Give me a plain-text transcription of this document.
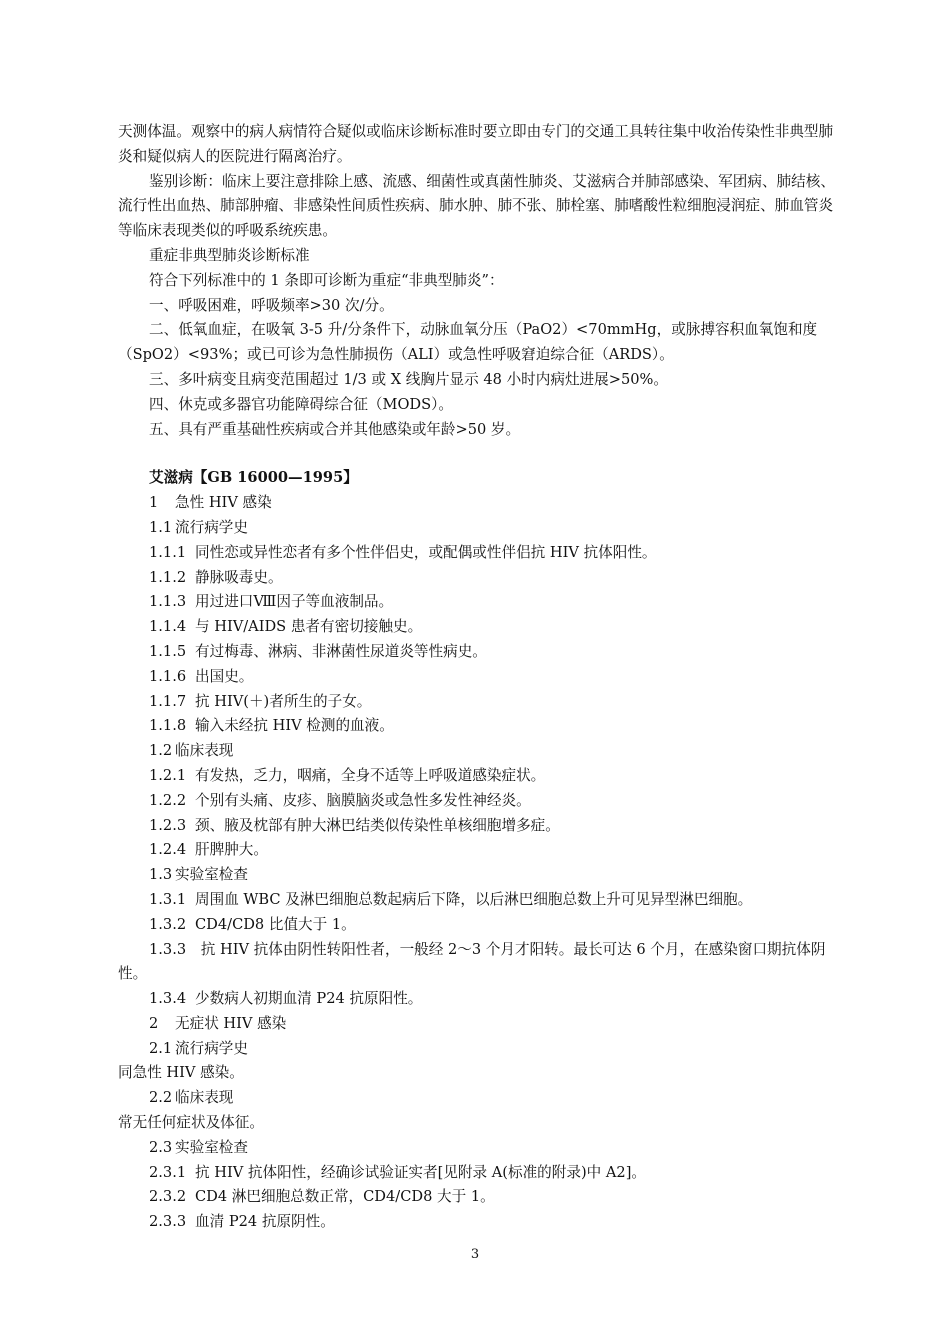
天测体温。观察中的病人病情符合疑似或临床诊断标准时要立即由专门的交通工具转往集中收治传染性非典型肺炎和疑似病人的医院进行隔离治疗。

鉴别诊断：临床上要注意排除上感、流感、细菌性或真菌性肺炎、艾滋病合并肺部感染、军团病、肺结核、流行性出血热、肺部肿瘤、非感染性间质性疾病、肺水肿、肺不张、肺栓塞、肺嗜酸性粒细胞浸润症、肺血管炎等临床表现类似的呼吸系统疾患。

重症非典型肺炎诊断标准

符合下列标准中的 1 条即可诊断为重症“非典型肺炎”：

一、呼吸困难，呼吸频率>30 次/分。

二、低氧血症，在吸氧 3-5 升/分条件下，动脉血氧分压（PaO2）<70mmHg，或脉搏容积血氧饱和度（SpO2）<93%；或已可诊为急性肺损伤（ALI）或急性呼吸窘迫综合征（ARDS）。

三、多叶病变且病变范围超过 1/3 或 X 线胸片显示 48 小时内病灶进展>50%。

四、休克或多器官功能障碍综合征（MODS）。

五、具有严重基础性疾病或合并其他感染或年龄>50 岁。

艾滋病【GB 16000—1995】

1 急性 HIV 感染

1.1 流行病学史

1.1.1 同性恋或异性恋者有多个性伴侣史，或配偶或性伴侣抗 HIV 抗体阳性。

1.1.2 静脉吸毒史。

1.1.3 用过进口Ⅷ因子等血液制品。

1.1.4 与 HIV/AIDS 患者有密切接触史。

1.1.5 有过梅毒、淋病、非淋菌性尿道炎等性病史。

1.1.6 出国史。

1.1.7 抗 HIV(＋)者所生的子女。

1.1.8 输入未经抗 HIV 检测的血液。

1.2 临床表现

1.2.1 有发热，乏力，咽痛，全身不适等上呼吸道感染症状。

1.2.2 个别有头痛、皮疹、脑膜脑炎或急性多发性神经炎。

1.2.3 颈、腋及枕部有肿大淋巴结类似传染性单核细胞增多症。

1.2.4 肝脾肿大。

1.3 实验室检查

1.3.1 周围血 WBC 及淋巴细胞总数起病后下降，以后淋巴细胞总数上升可见异型淋巴细胞。

1.3.2 CD4/CD8 比值大于 1。

1.3.3  抗 HIV 抗体由阴性转阳性者，一般经 2～3 个月才阳转。最长可达 6 个月，在感染窗口期抗体阴性。

1.3.4 少数病人初期血清 P24 抗原阳性。

2 无症状 HIV 感染

2.1 流行病学史

同急性 HIV 感染。

2.2 临床表现

常无任何症状及体征。

2.3 实验室检查

2.3.1 抗 HIV 抗体阳性，经确诊试验证实者[见附录 A(标准的附录)中 A2]。

2.3.2 CD4 淋巴细胞总数正常，CD4/CD8 大于 1。

2.3.3 血清 P24 抗原阴性。

3
